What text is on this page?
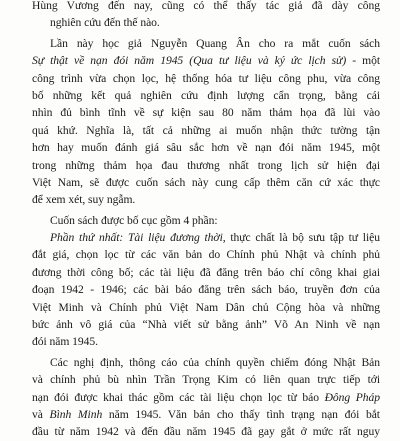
Hùng Vương đến nay, cũng có thể thấy tác giả đã dày công
nghiên cứu đến thế nào.
Lần này học giả Nguyễn Quang Ân cho ra mắt cuốn sách
Sự thật về nạn đói năm 1945 (Qua tư liệu và ký ức lịch sử) - một
công trình vừa chọn lọc, hệ thống hóa tư liệu công phu, vừa công
bố những kết quả nghiên cứu định lượng cẩn trọng, bằng cái
nhìn đủ bình tĩnh về sự kiện sau 80 năm thảm họa đã lùi vào
quá khứ. Nghĩa là, tất cả những ai muốn nhận thức tường tận
hơn hay muốn đánh giá sâu sắc hơn về nạn đói năm 1945, một
trong những thảm họa đau thương nhất trong lịch sử hiện đại
Việt Nam, sẽ được cuốn sách này cung cấp thêm căn cứ xác thực
để xem xét, suy ngẫm.
Cuốn sách được bố cục gồm 4 phần:
Phần thứ nhất: Tài liệu đương thời, thực chất là bộ sưu tập tư liệu
đắt giá, chọn lọc từ các văn bản do Chính phủ Nhật và chính phủ
đương thời công bố; các tài liệu đã đăng trên báo chí công khai giai
đoạn 1942 - 1946; các bài báo đăng trên sách báo, truyền đơn của
Việt Minh và Chính phủ Việt Nam Dân chủ Cộng hòa và những
bức ảnh vô giá của “Nhà viết sử bằng ảnh” Võ An Ninh về nạn
đói năm 1945.
Các nghị định, thông cáo của chính quyền chiếm đóng Nhật Bản
và chính phủ bù nhìn Trần Trọng Kim có liên quan trực tiếp tới
nạn đói được khai thác gồm các tài liệu chọn lọc từ báo Đông Pháp
và Bình Minh năm 1945. Văn bản cho thấy tình trạng nạn đói bắt
đầu từ năm 1942 và đến đầu năm 1945 đã gay gắt ở mức rất nguy
